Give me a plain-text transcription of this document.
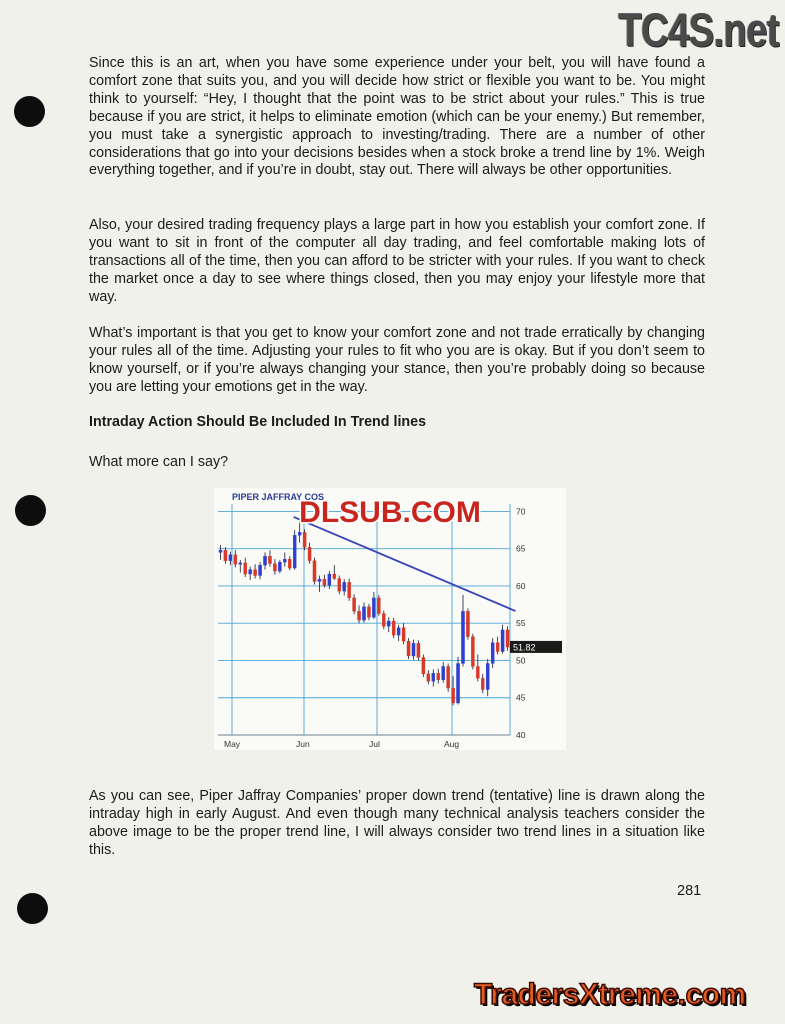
TC4S.net
Since this is an art, when you have some experience under your belt, you will have found a comfort zone that suits you, and you will decide how strict or flexible you want to be. You might think to yourself: “Hey, I thought that the point was to be strict about your rules.” This is true because if you are strict, it helps to eliminate emotion (which can be your enemy.) But remember, you must take a synergistic approach to investing/trading. There are a number of other considerations that go into your decisions besides when a stock broke a trend line by 1%. Weigh everything together, and if you’re in doubt, stay out. There will always be other opportunities.
Also, your desired trading frequency plays a large part in how you establish your comfort zone. If you want to sit in front of the computer all day trading, and feel comfortable making lots of transactions all of the time, then you can afford to be stricter with your rules. If you want to check the market once a day to see where things closed, then you may enjoy your lifestyle more that way.
What’s important is that you get to know your comfort zone and not trade erratically by changing your rules all of the time. Adjusting your rules to fit who you are is okay. But if you don’t seem to know yourself, or if you’re always changing your stance, then you’re probably doing so because you are letting your emotions get in the way.
Intraday Action Should Be Included In Trend lines
What more can I say?
40
45
50
55
60
65
70
May	Jun	Jul	Aug
PIPER JAFFRAY COS
DLSUB.COM
51.82
As you can see, Piper Jaffray Companies’ proper down trend (tentative) line is drawn along the intraday high in early August. And even though many technical analysis teachers consider the above image to be the proper trend line, I will always consider two trend lines in a situation like this.
281
TradersXtreme.com
